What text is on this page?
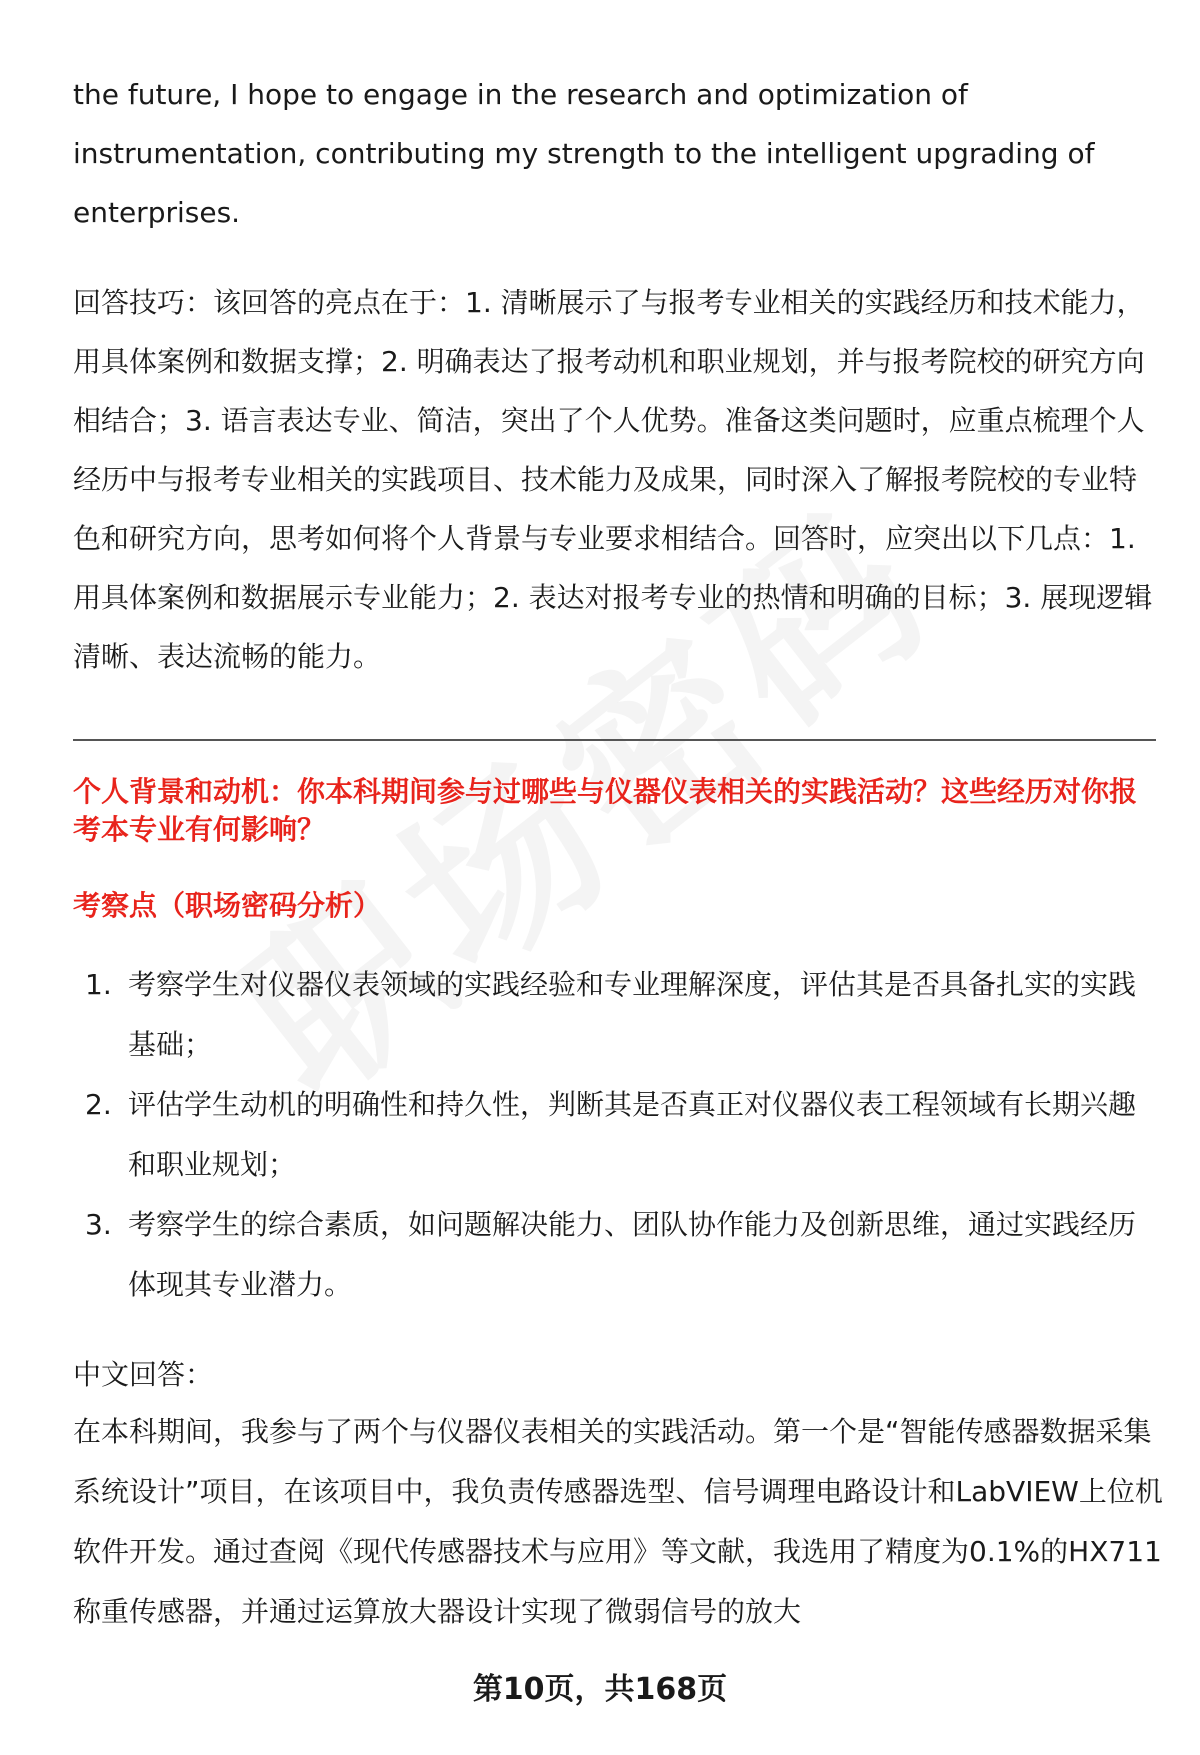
the future, I hope to engage in the research and optimization of instrumentation, contributing my strength to the intelligent upgrading of enterprises.

回答技巧：该回答的亮点在于：1. 清晰展示了与报考专业相关的实践经历和技术能力，用具体案例和数据支撑；2. 明确表达了报考动机和职业规划，并与报考院校的研究方向相结合；3. 语言表达专业、简洁，突出了个人优势。准备这类问题时，应重点梳理个人经历中与报考专业相关的实践项目、技术能力及成果，同时深入了解报考院校的专业特色和研究方向，思考如何将个人背景与专业要求相结合。回答时，应突出以下几点：1. 用具体案例和数据展示专业能力；2. 表达对报考专业的热情和明确的目标；3. 展现逻辑清晰、表达流畅的能力。

个人背景和动机：你本科期间参与过哪些与仪器仪表相关的实践活动？这些经历对你报考本专业有何影响？

考察点（职场密码分析）

1. 考察学生对仪器仪表领域的实践经验和专业理解深度，评估其是否具备扎实的实践基础；
2. 评估学生动机的明确性和持久性，判断其是否真正对仪器仪表工程领域有长期兴趣和职业规划；
3. 考察学生的综合素质，如问题解决能力、团队协作能力及创新思维，通过实践经历体现其专业潜力。

中文回答：

在本科期间，我参与了两个与仪器仪表相关的实践活动。第一个是“智能传感器数据采集系统设计”项目，在该项目中，我负责传感器选型、信号调理电路设计和LabVIEW上位机软件开发。通过查阅《现代传感器技术与应用》等文献，我选用了精度为0.1%的HX711称重传感器，并通过运算放大器设计实现了微弱信号的放大

第10页，共168页
